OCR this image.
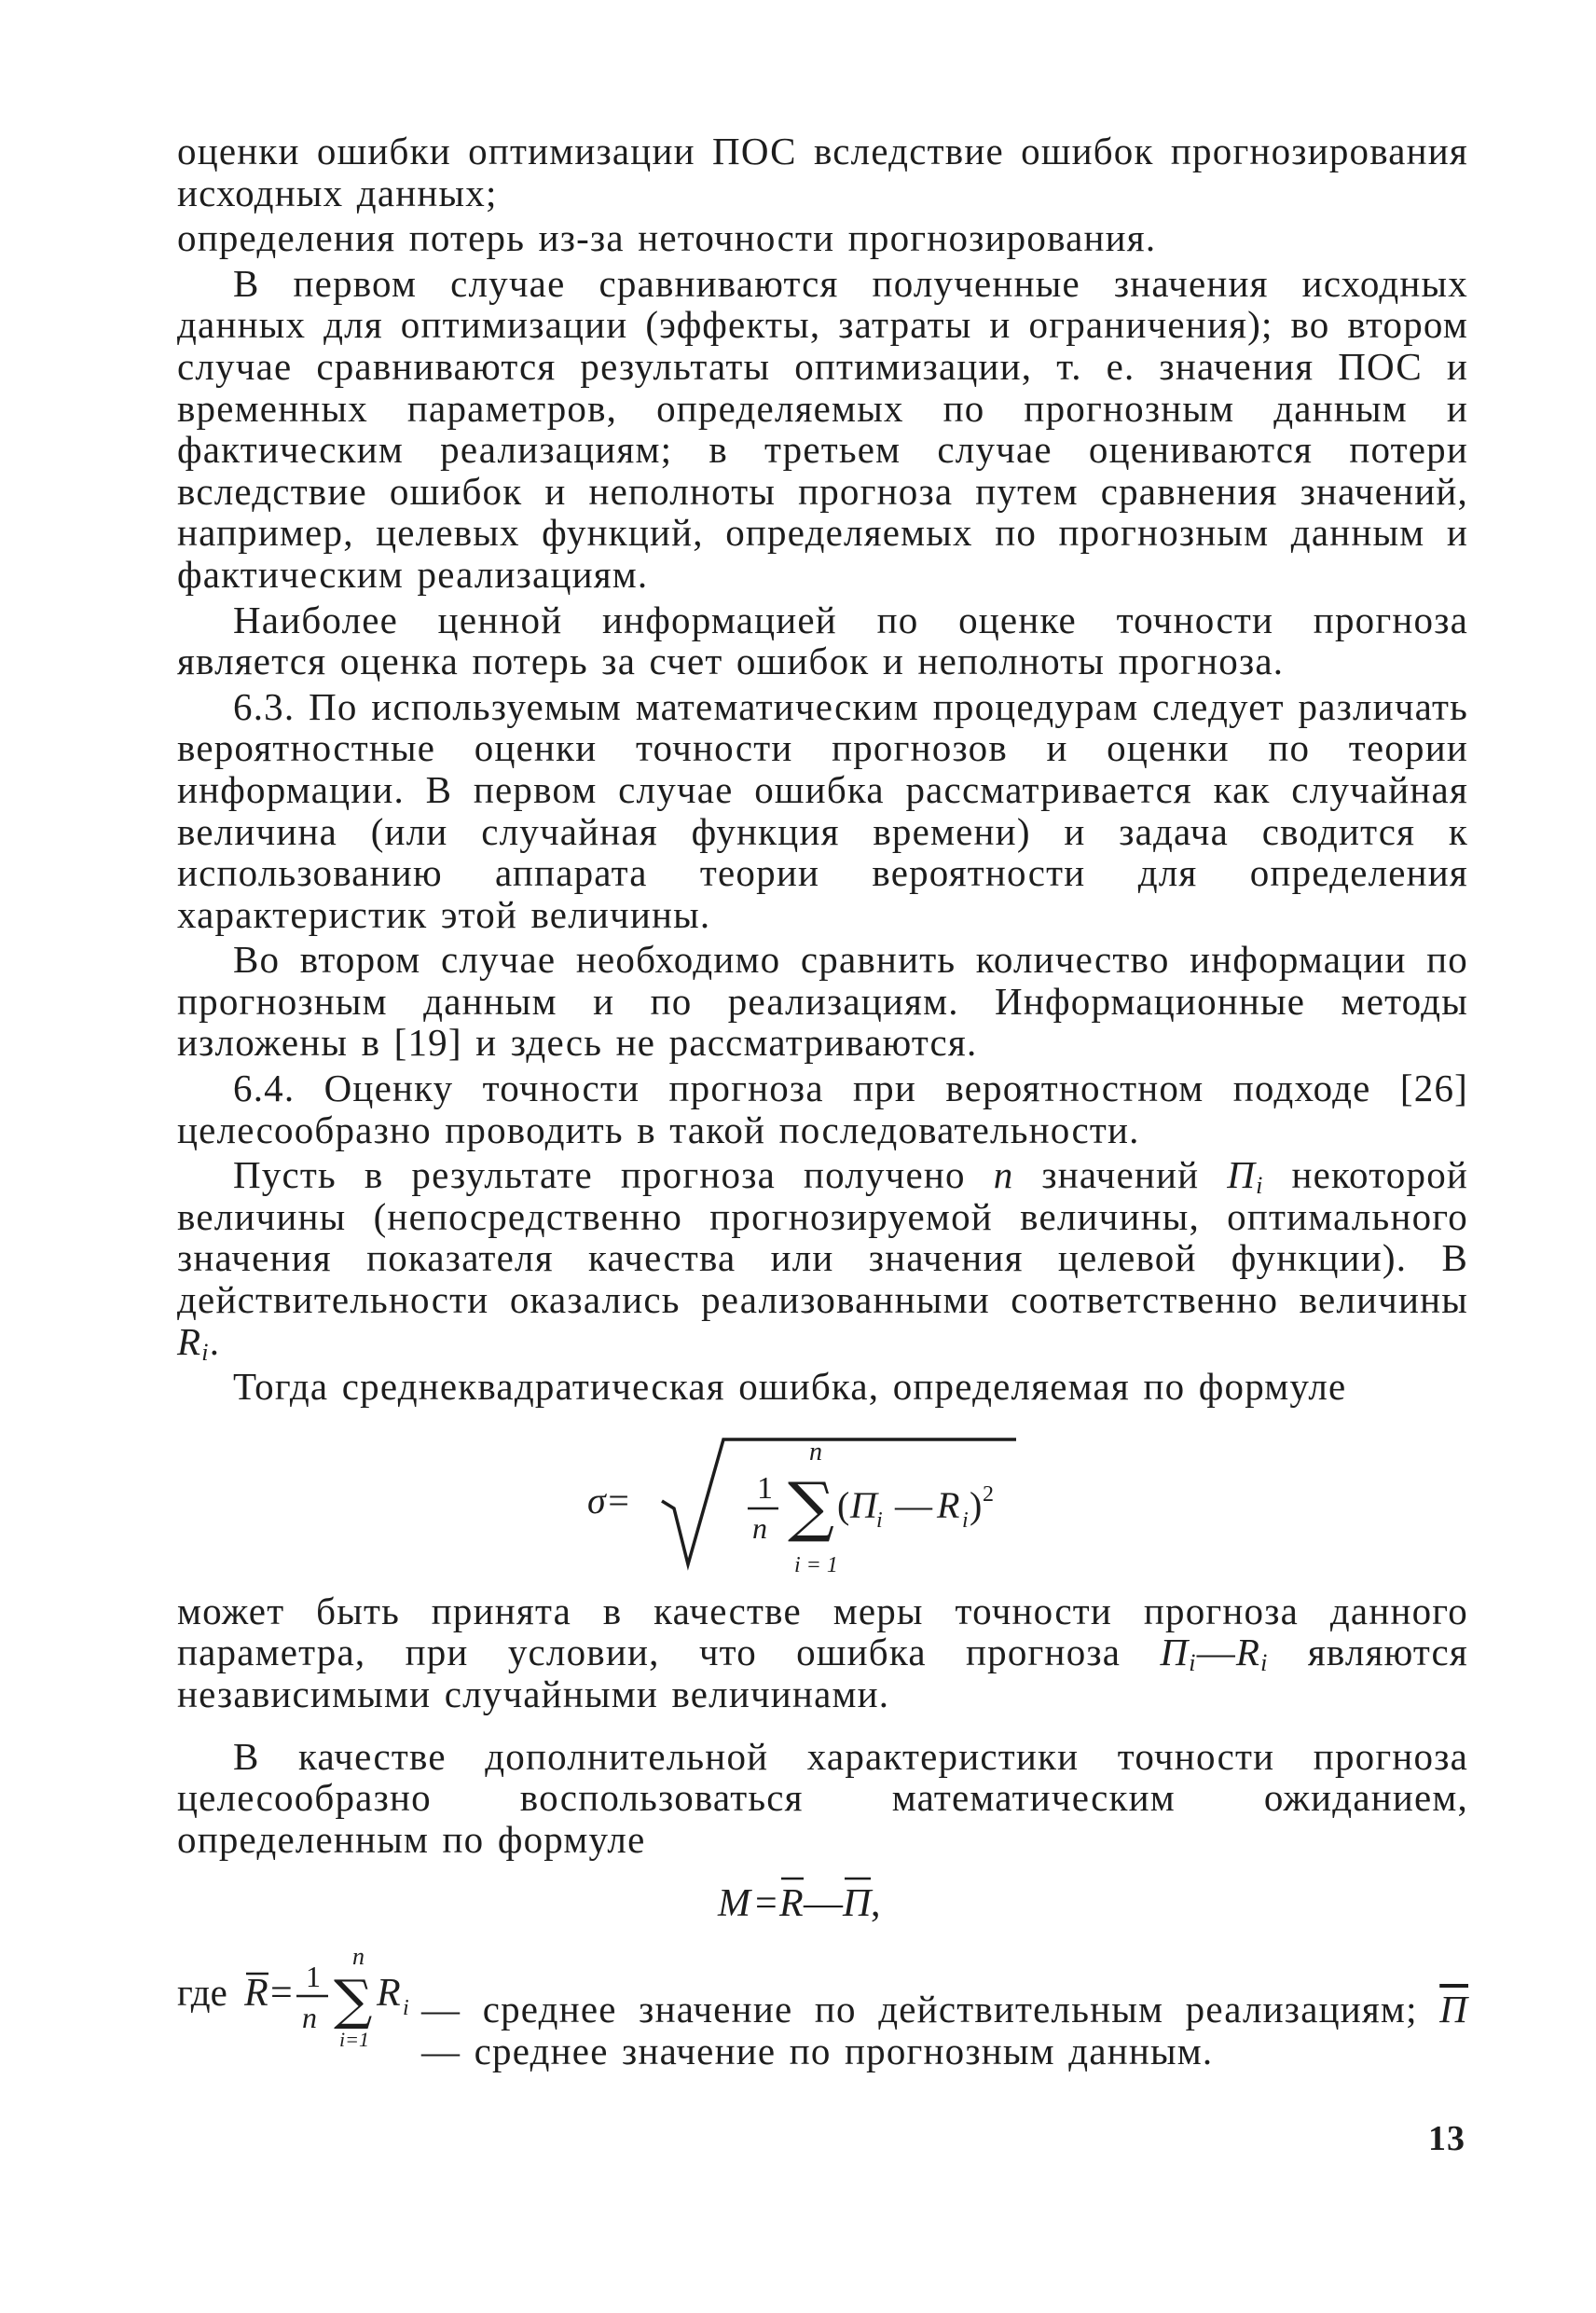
оценки ошибки оптимизации ПОС вследствие ошибок прогнозирования исходных данных;

определения потерь из-за неточности прогнозирования.

В первом случае сравниваются полученные значения исходных данных для оптимизации (эффекты, затраты и ограничения); во втором случае сравниваются результаты оптимизации, т. е. значения ПОС и временных параметров, определяемых по прогнозным данным и фактическим реализациям; в третьем случае оцениваются потери вследствие ошибок и неполноты прогноза путем сравнения значений, например, целевых функций, определяемых по прогнозным данным и фактическим реализациям.

Наиболее ценной информацией по оценке точности прогноза является оценка потерь за счет ошибок и неполноты прогноза.

6.3. По используемым математическим процедурам следует различать вероятностные оценки точности прогнозов и оценки по теории информации. В первом случае ошибка рассматривается как случайная величина (или случайная функция времени) и задача сводится к использованию аппарата теории вероятности для определения характеристик этой величины.

Во втором случае необходимо сравнить количество информации по прогнозным данным и по реализациям. Информационные методы изложены в [19] и здесь не рассматриваются.

6.4. Оценку точности прогноза при вероятностном подходе [26] целесообразно проводить в такой последовательности.

Пусть в результате прогноза получено n значений $П_i$ некоторой величины (непосредственно прогнозируемой величины, оптимального значения показателя качества или значения целевой функции). В действительности оказались реализованными соответственно величины $R_i$.

Тогда среднеквадратическая ошибка, определяемая по формуле

σ=	1
n
n
∑
i = 1
( П i — R i ) 2

может быть принята в качестве меры точности прогноза данного параметра, при условии, что ошибка прогноза $П_i—R_i$ являются независимыми случайными величинами.

В качестве дополнительной характеристики точности прогноза целесообразно воспользоваться математическим ожиданием, определенным по формуле

M = R — П ,
где R = 1
n
n
∑
i=1
R i — среднее значение по действительным реализациям; П — среднее значение по прогнозным данным.

13
